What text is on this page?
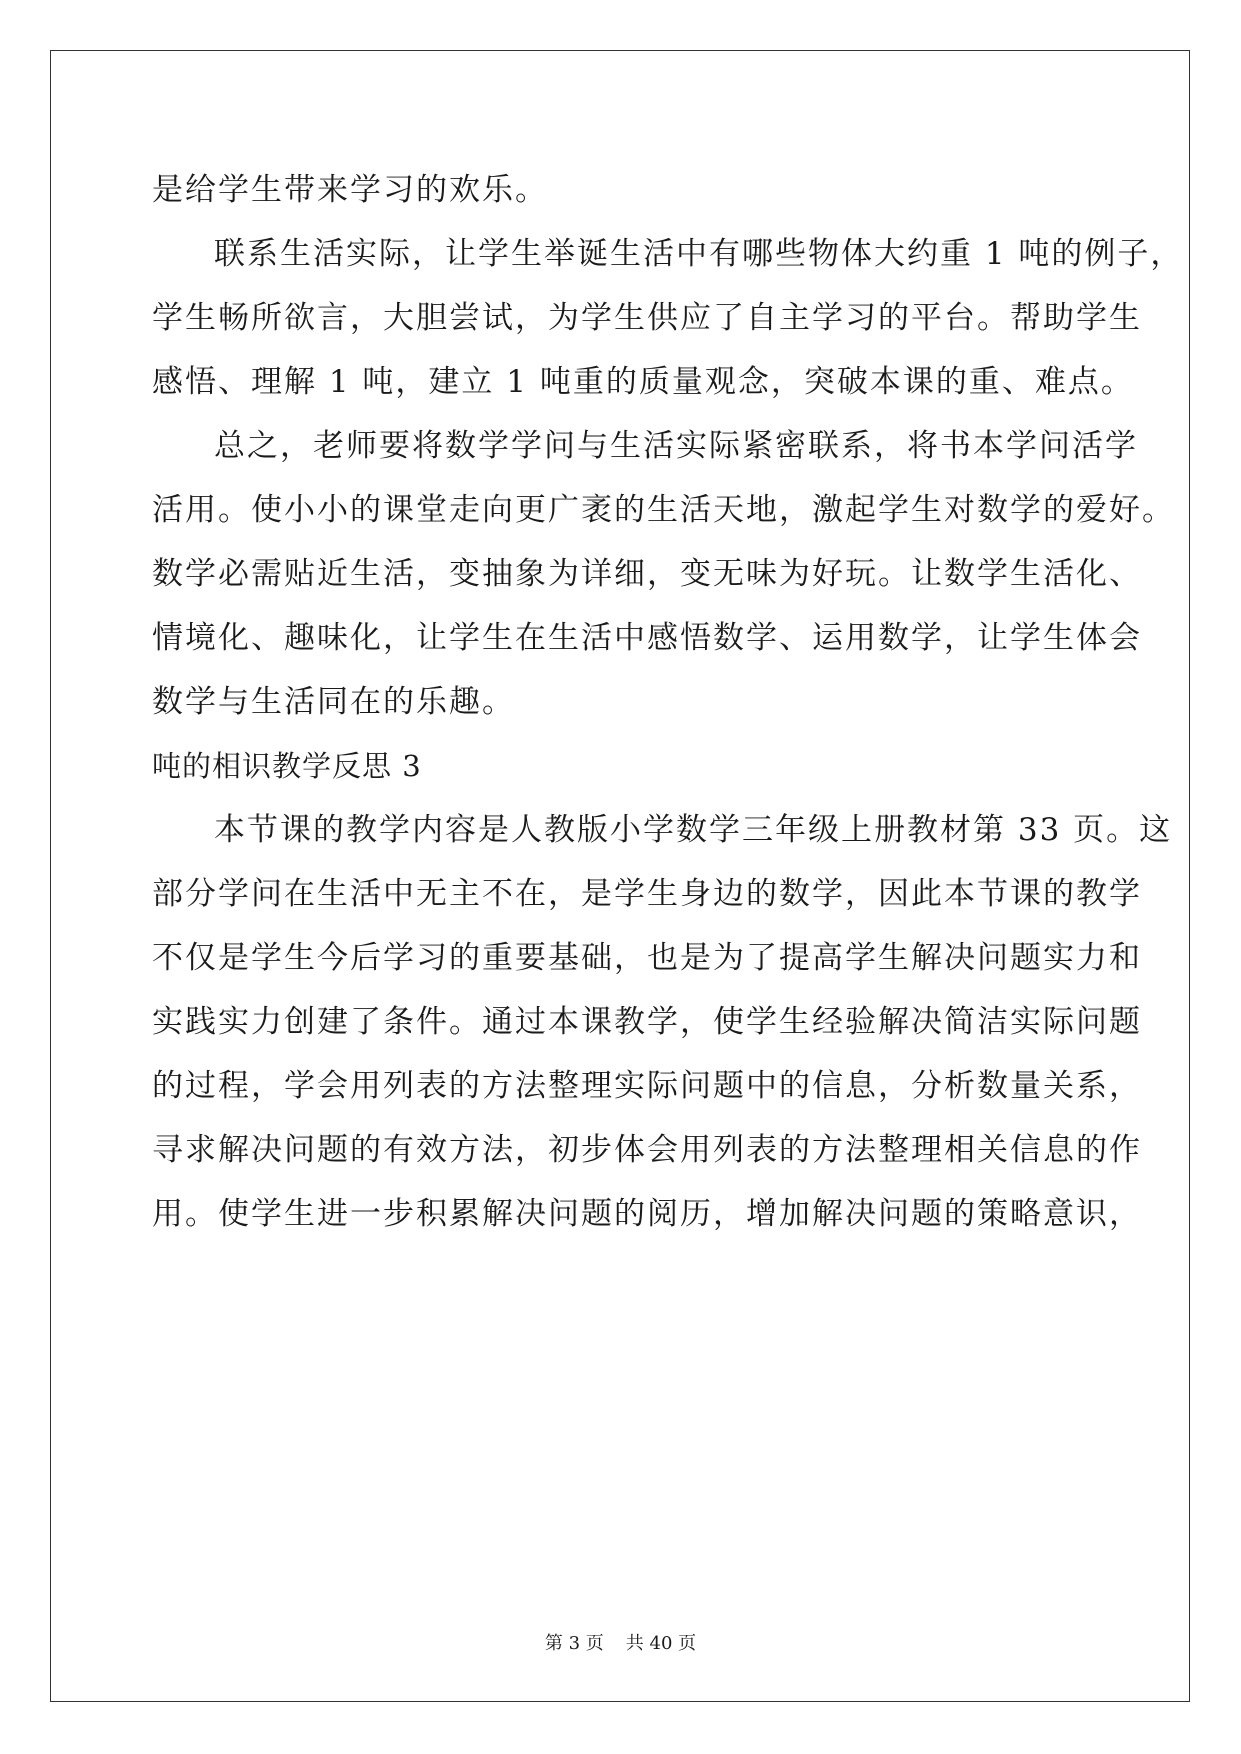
是给学生带来学习的欢乐。
联系生活实际，让学生举诞生活中有哪些物体大约重 1 吨的例子，
学生畅所欲言，大胆尝试，为学生供应了自主学习的平台。帮助学生
感悟、理解 1 吨，建立 1 吨重的质量观念，突破本课的重、难点。
总之，老师要将数学学问与生活实际紧密联系，将书本学问活学
活用。使小小的课堂走向更广袤的生活天地，激起学生对数学的爱好。
数学必需贴近生活，变抽象为详细，变无味为好玩。让数学生活化、
情境化、趣味化，让学生在生活中感悟数学、运用数学，让学生体会
数学与生活同在的乐趣。
吨的相识教学反思 3
本节课的教学内容是人教版小学数学三年级上册教材第 33 页。这
部分学问在生活中无主不在，是学生身边的数学，因此本节课的教学
不仅是学生今后学习的重要基础，也是为了提高学生解决问题实力和
实践实力创建了条件。通过本课教学，使学生经验解决简洁实际问题
的过程，学会用列表的方法整理实际问题中的信息，分析数量关系，
寻求解决问题的有效方法，初步体会用列表的方法整理相关信息的作
用。使学生进一步积累解决问题的阅历，增加解决问题的策略意识，
第 3 页 共 40 页
